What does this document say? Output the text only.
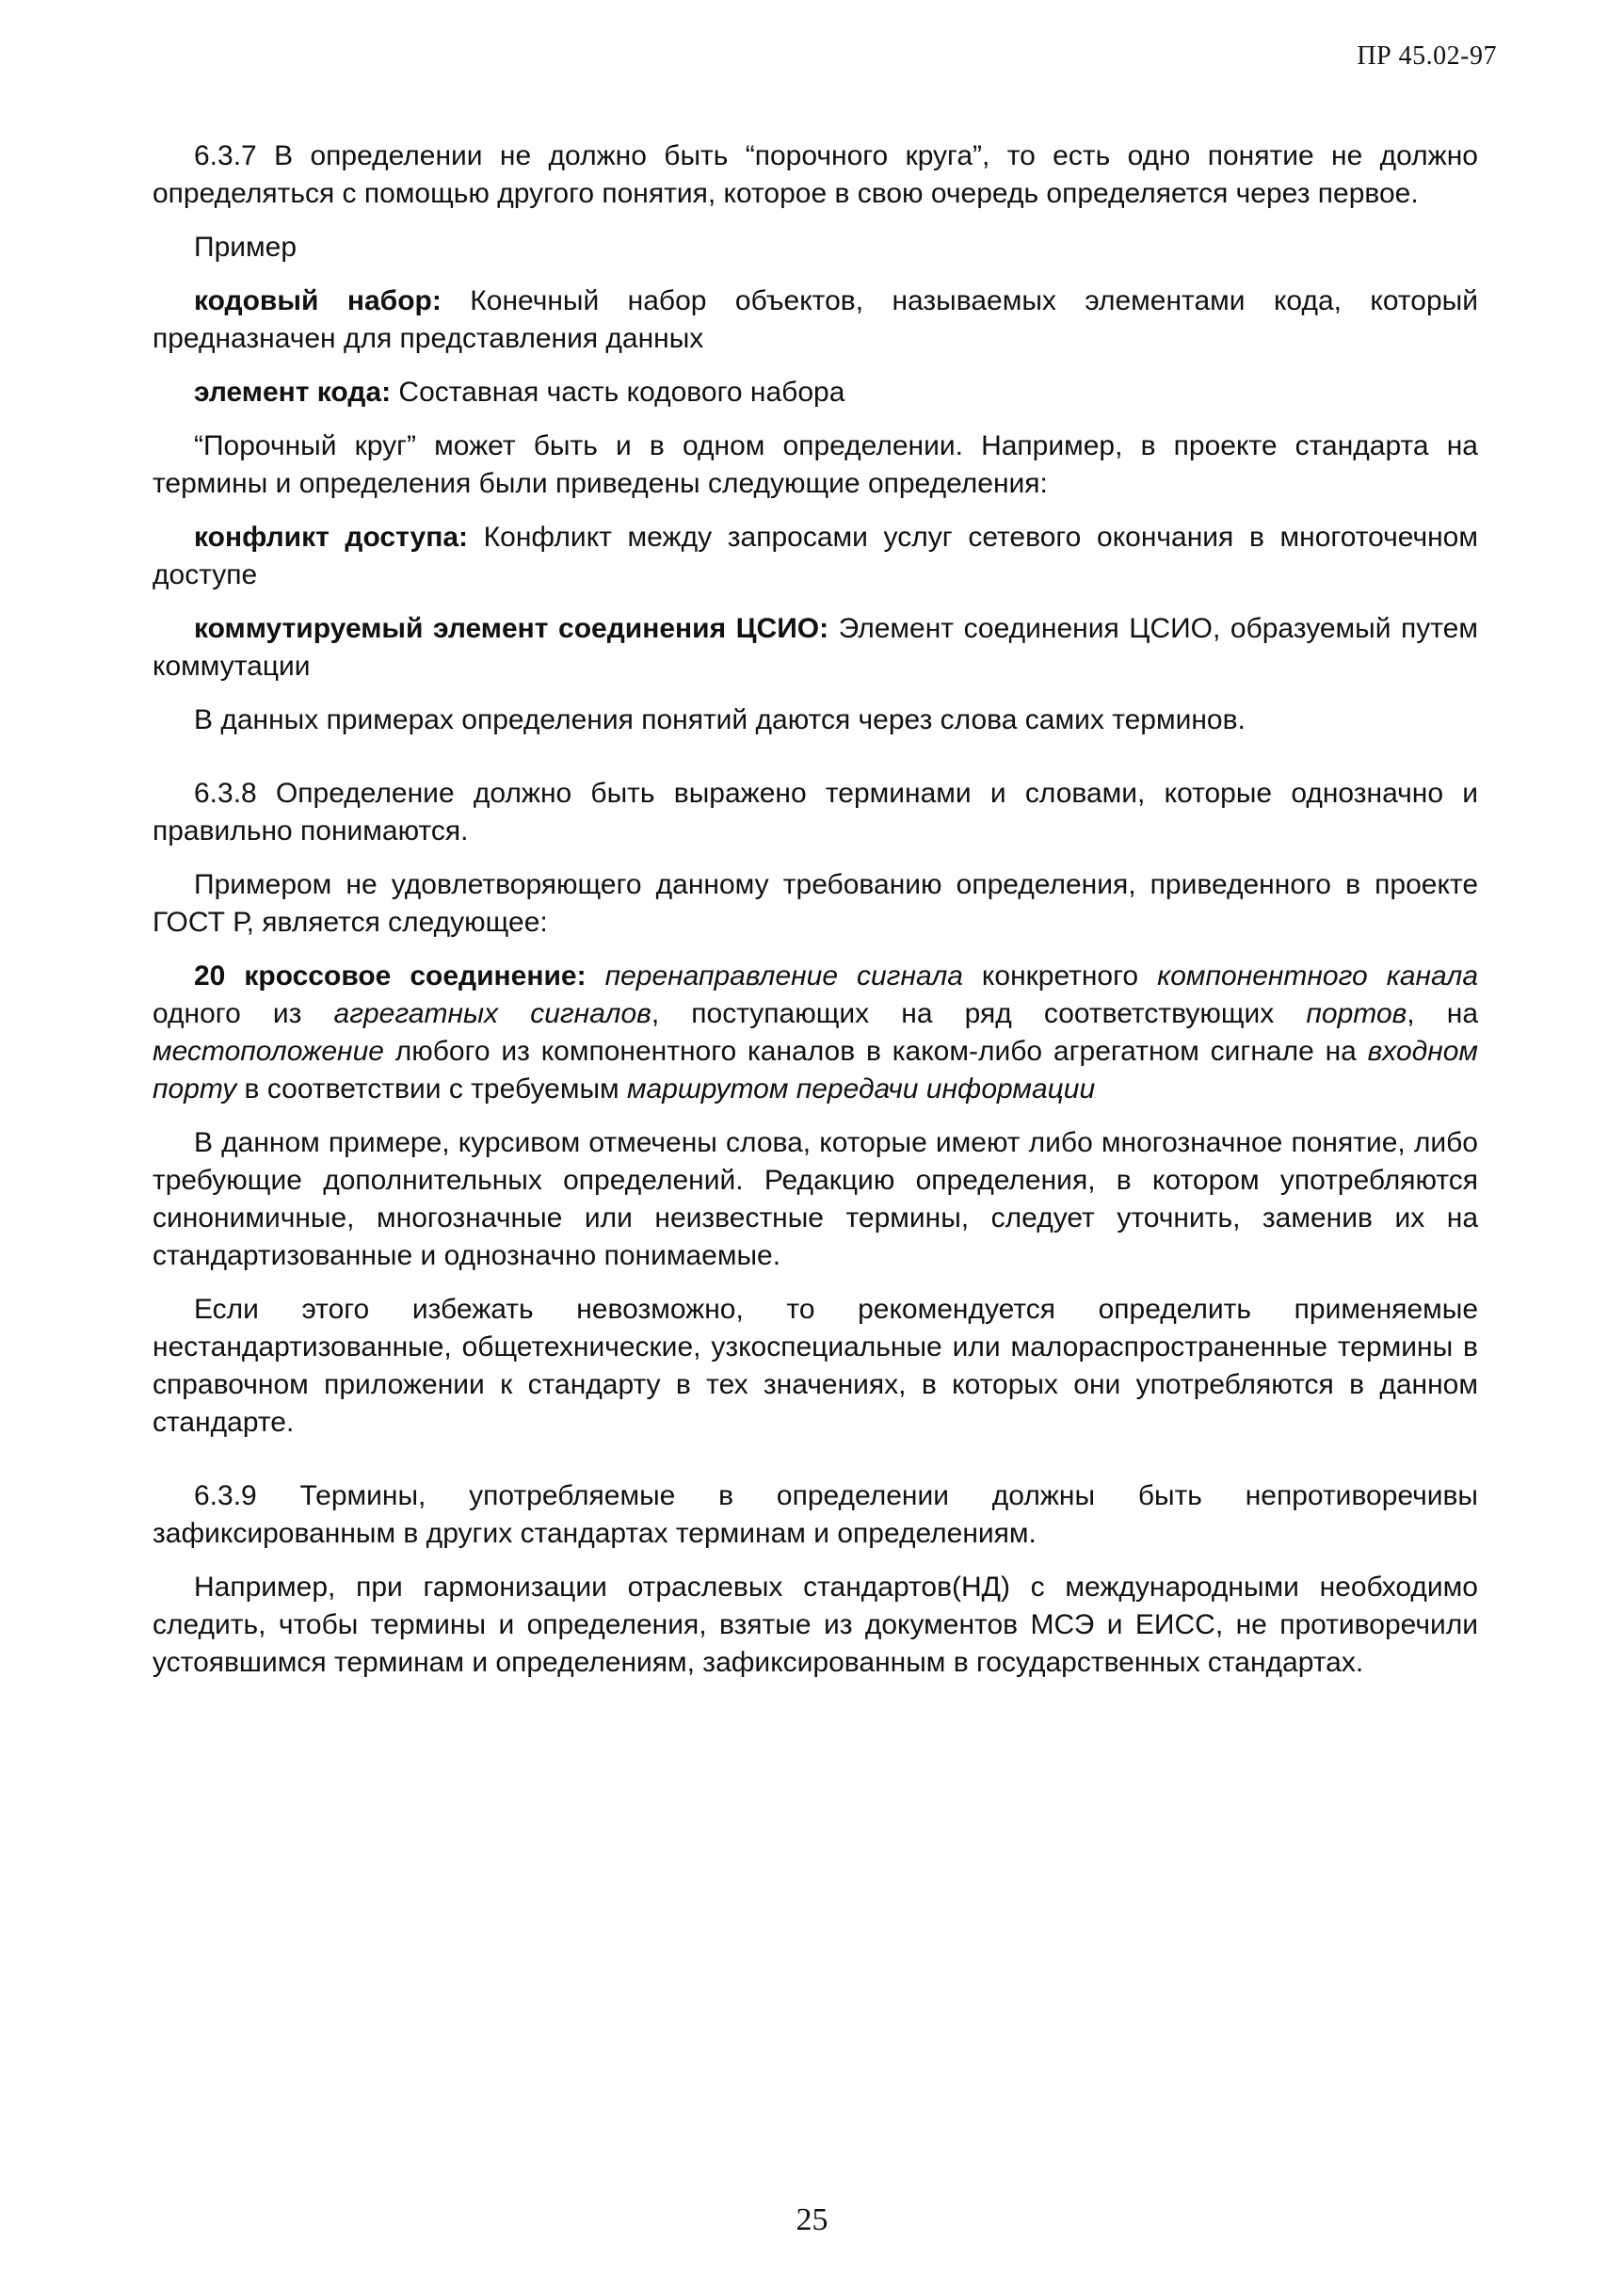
ПР 45.02-97

6.3.7 В определении не должно быть “порочного круга”, то есть одно понятие не должно определяться с помощью другого понятия, которое в свою очередь определяется через первое.

Пример

кодовый набор: Конечный набор объектов, называемых элементами кода, который предназначен для представления данных

элемент кода: Составная часть кодового набора

“Порочный круг” может быть и в одном определении. Например, в проекте стандарта на термины и определения были приведены следующие определения:

конфликт доступа: Конфликт между запросами услуг сетевого окончания в многоточечном доступе

коммутируемый элемент соединения ЦСИО: Элемент соединения ЦСИО, образуемый путем коммутации

В данных примерах определения понятий даются через слова самих терминов.

6.3.8 Определение должно быть выражено терминами и словами, которые однозначно и правильно понимаются.

Примером не удовлетворяющего данному требованию определения, приведенного в проекте ГОСТ Р, является следующее:

20 кроссовое соединение: перенаправление сигнала конкретного компонентного канала одного из агрегатных сигналов, поступающих на ряд соответствующих портов, на местоположение любого из компонентного каналов в каком-либо агрегатном сигнале на входном порту в соответствии с требуемым маршрутом передачи информации

В данном примере, курсивом отмечены слова, которые имеют либо многозначное понятие, либо требующие дополнительных определений. Редакцию определения, в котором употребляются синонимичные, многозначные или неизвестные термины, следует уточнить, заменив их на стандартизованные и однозначно понимаемые.

Если этого избежать невозможно, то рекомендуется определить применяемые нестандартизованные, общетехнические, узкоспециальные или малораспространенные термины в справочном приложении к стандарту в тех значениях, в которых они употребляются в данном стандарте.

6.3.9 Термины, употребляемые в определении должны быть непротиворечивы зафиксированным в других стандартах терминам и определениям.

Например, при гармонизации отраслевых стандартов(НД) с международными необходимо следить, чтобы термины и определения, взятые из документов МСЭ и ЕИСС, не противоречили устоявшимся терминам и определениям, зафиксированным в государственных стандартах.

25
